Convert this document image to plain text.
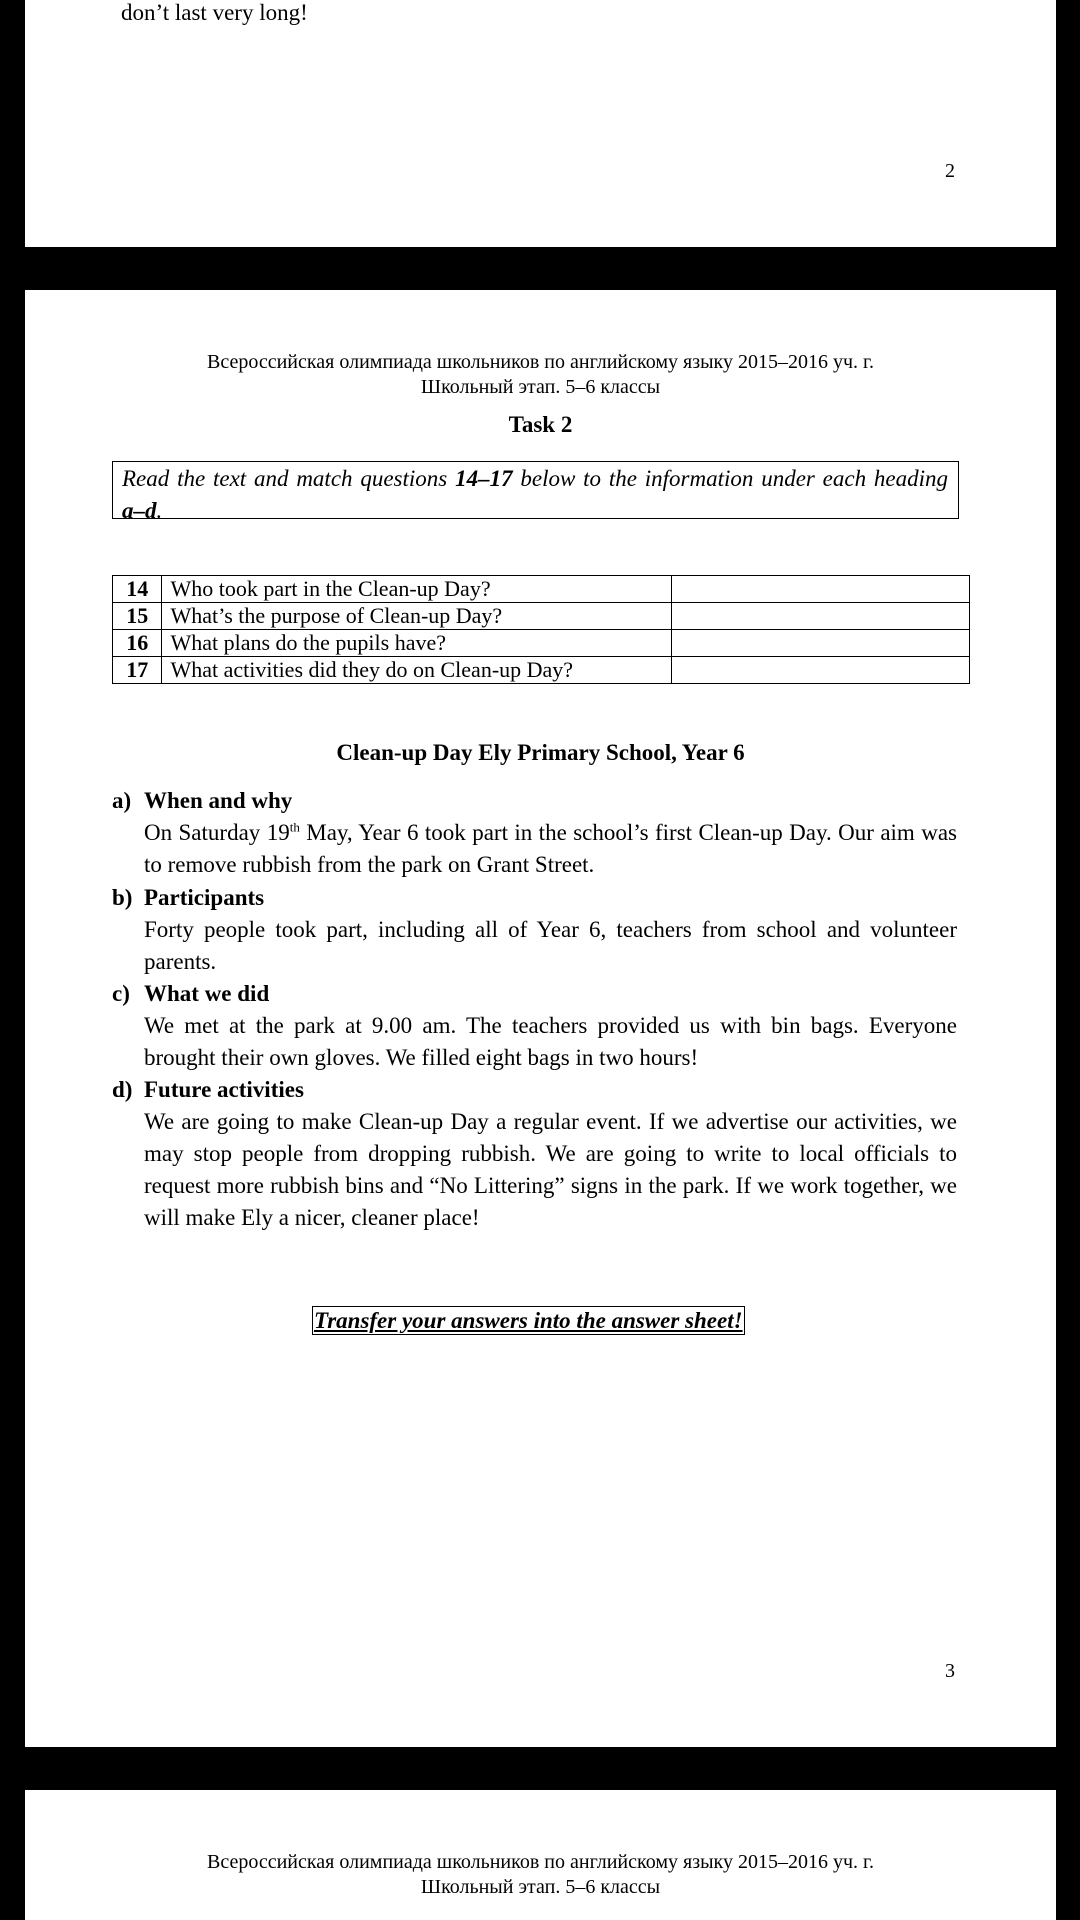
don’t last very long!
2
Всероссийская олимпиада школьников по английскому языку 2015–2016 уч. г.
Школьный этап. 5–6 классы
Task 2
Read the text and match questions 14–17 below to the information under each heading a–d.
14	Who took part in the Clean-up Day?	
15	What’s the purpose of Clean-up Day?	
16	What plans do the pupils have?	
17	What activities did they do on Clean-up Day?	
Clean-up Day Ely Primary School, Year 6
a) When and why
On Saturday 19th May, Year 6 took part in the school’s first Clean-up Day. Our aim was to remove rubbish from the park on Grant Street.
b) Participants
Forty people took part, including all of Year 6, teachers from school and volunteer parents.
c) What we did
We met at the park at 9.00 am. The teachers provided us with bin bags. Everyone brought their own gloves. We filled eight bags in two hours!
d) Future activities
We are going to make Clean-up Day a regular event. If we advertise our activities, we may stop people from dropping rubbish. We are going to write to local officials to request more rubbish bins and “No Littering” signs in the park. If we work together, we will make Ely a nicer, cleaner place!
Transfer your answers into the answer sheet!
3
Всероссийская олимпиада школьников по английскому языку 2015–2016 уч. г.
Школьный этап. 5–6 классы
